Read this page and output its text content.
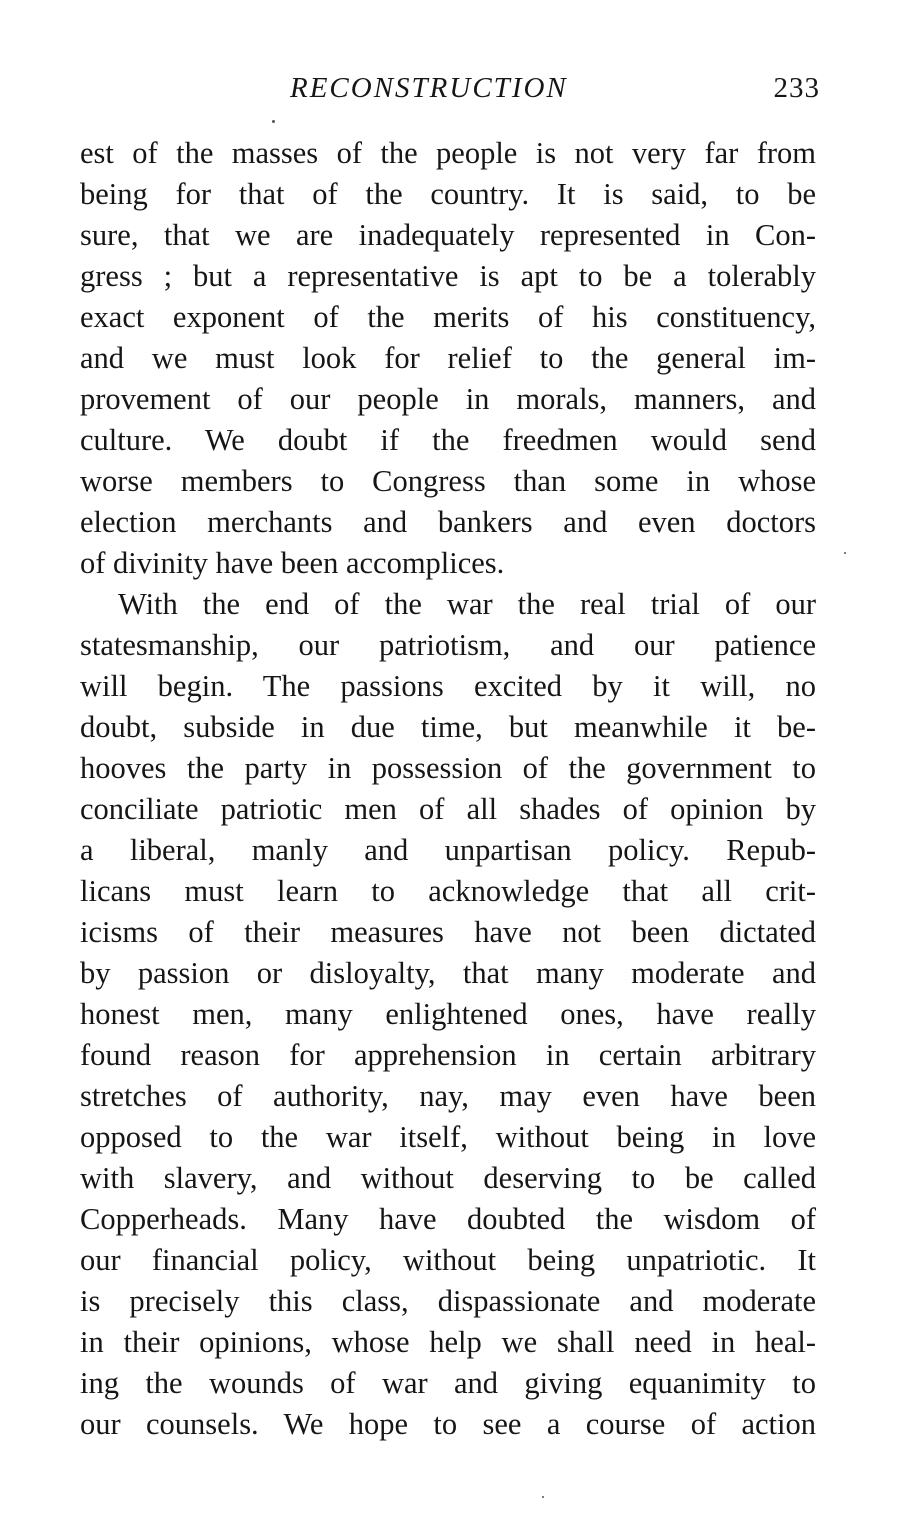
RECONSTRUCTION	233
est of the masses of the people is not very far from
being for that of the country. It is said, to be
sure, that we are inadequately represented in Con-
gress ; but a representative is apt to be a tolerably
exact exponent of the merits of his constituency,
and we must look for relief to the general im-
provement of our people in morals, manners, and
culture. We doubt if the freedmen would send
worse members to Congress than some in whose
election merchants and bankers and even doctors
of divinity have been accomplices.
With the end of the war the real trial of our
statesmanship, our patriotism, and our patience
will begin. The passions excited by it will, no
doubt, subside in due time, but meanwhile it be-
hooves the party in possession of the government to
conciliate patriotic men of all shades of opinion by
a liberal, manly and unpartisan policy. Repub-
licans must learn to acknowledge that all crit-
icisms of their measures have not been dictated
by passion or disloyalty, that many moderate and
honest men, many enlightened ones, have really
found reason for apprehension in certain arbitrary
stretches of authority, nay, may even have been
opposed to the war itself, without being in love
with slavery, and without deserving to be called
Copperheads. Many have doubted the wisdom of
our financial policy, without being unpatriotic. It
is precisely this class, dispassionate and moderate
in their opinions, whose help we shall need in heal-
ing the wounds of war and giving equanimity to
our counsels. We hope to see a course of action
